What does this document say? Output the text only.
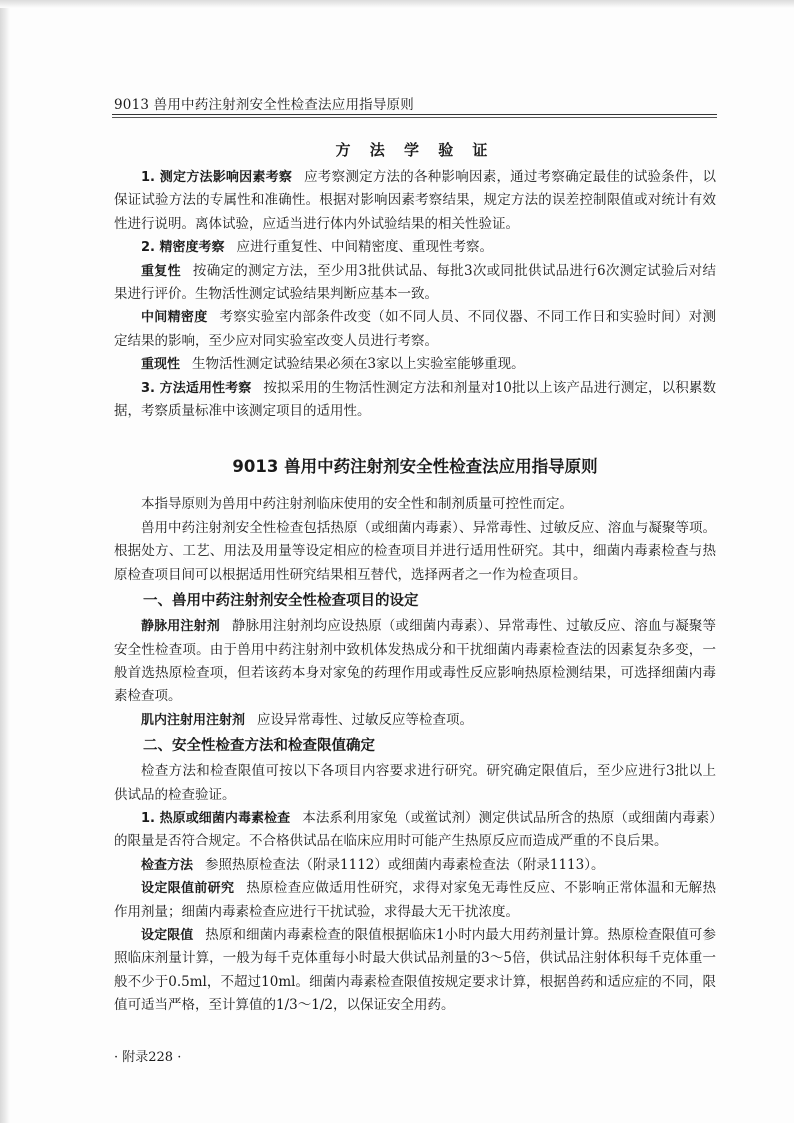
9013 兽用中药注射剂安全性检查法应用指导原则
方 法 学 验 证

1. 测定方法影响因素考察 应考察测定方法的各种影响因素，通过考察确定最佳的试验条件，以保证试验方法的专属性和准确性。根据对影响因素考察结果，规定方法的误差控制限值或对统计有效性进行说明。离体试验，应适当进行体内外试验结果的相关性验证。

2. 精密度考察 应进行重复性、中间精密度、重现性考察。

重复性 按确定的测定方法，至少用3批供试品、每批3次或同批供试品进行6次测定试验后对结果进行评价。生物活性测定试验结果判断应基本一致。

中间精密度 考察实验室内部条件改变（如不同人员、不同仪器、不同工作日和实验时间）对测定结果的影响，至少应对同实验室改变人员进行考察。

重现性 生物活性测定试验结果必须在3家以上实验室能够重现。

3. 方法适用性考察 按拟采用的生物活性测定方法和剂量对10批以上该产品进行测定，以积累数据，考察质量标准中该测定项目的适用性。

9013 兽用中药注射剂安全性检查法应用指导原则

本指导原则为兽用中药注射剂临床使用的安全性和制剂质量可控性而定。

兽用中药注射剂安全性检查包括热原（或细菌内毒素）、异常毒性、过敏反应、溶血与凝聚等项。根据处方、工艺、用法及用量等设定相应的检查项目并进行适用性研究。其中，细菌内毒素检查与热原检查项目间可以根据适用性研究结果相互替代，选择两者之一作为检查项目。

一、兽用中药注射剂安全性检查项目的设定

静脉用注射剂 静脉用注射剂均应设热原（或细菌内毒素）、异常毒性、过敏反应、溶血与凝聚等安全性检查项。由于兽用中药注射剂中致机体发热成分和干扰细菌内毒素检查法的因素复杂多变，一般首选热原检查项，但若该药本身对家兔的药理作用或毒性反应影响热原检测结果，可选择细菌内毒素检查项。

肌内注射用注射剂 应设异常毒性、过敏反应等检查项。

二、安全性检查方法和检查限值确定

检查方法和检查限值可按以下各项目内容要求进行研究。研究确定限值后，至少应进行3批以上供试品的检查验证。

1. 热原或细菌内毒素检查 本法系利用家兔（或鲎试剂）测定供试品所含的热原（或细菌内毒素）的限量是否符合规定。不合格供试品在临床应用时可能产生热原反应而造成严重的不良后果。

检查方法 参照热原检查法（附录1112）或细菌内毒素检查法（附录1113）。

设定限值前研究 热原检查应做适用性研究，求得对家兔无毒性反应、不影响正常体温和无解热作用剂量；细菌内毒素检查应进行干扰试验，求得最大无干扰浓度。

设定限值 热原和细菌内毒素检查的限值根据临床1小时内最大用药剂量计算。热原检查限值可参照临床剂量计算，一般为每千克体重每小时最大供试品剂量的3～5倍，供试品注射体积每千克体重一般不少于0.5ml，不超过10ml。细菌内毒素检查限值按规定要求计算，根据兽药和适应症的不同，限值可适当严格，至计算值的1/3～1/2，以保证安全用药。

· 附录228 ·
